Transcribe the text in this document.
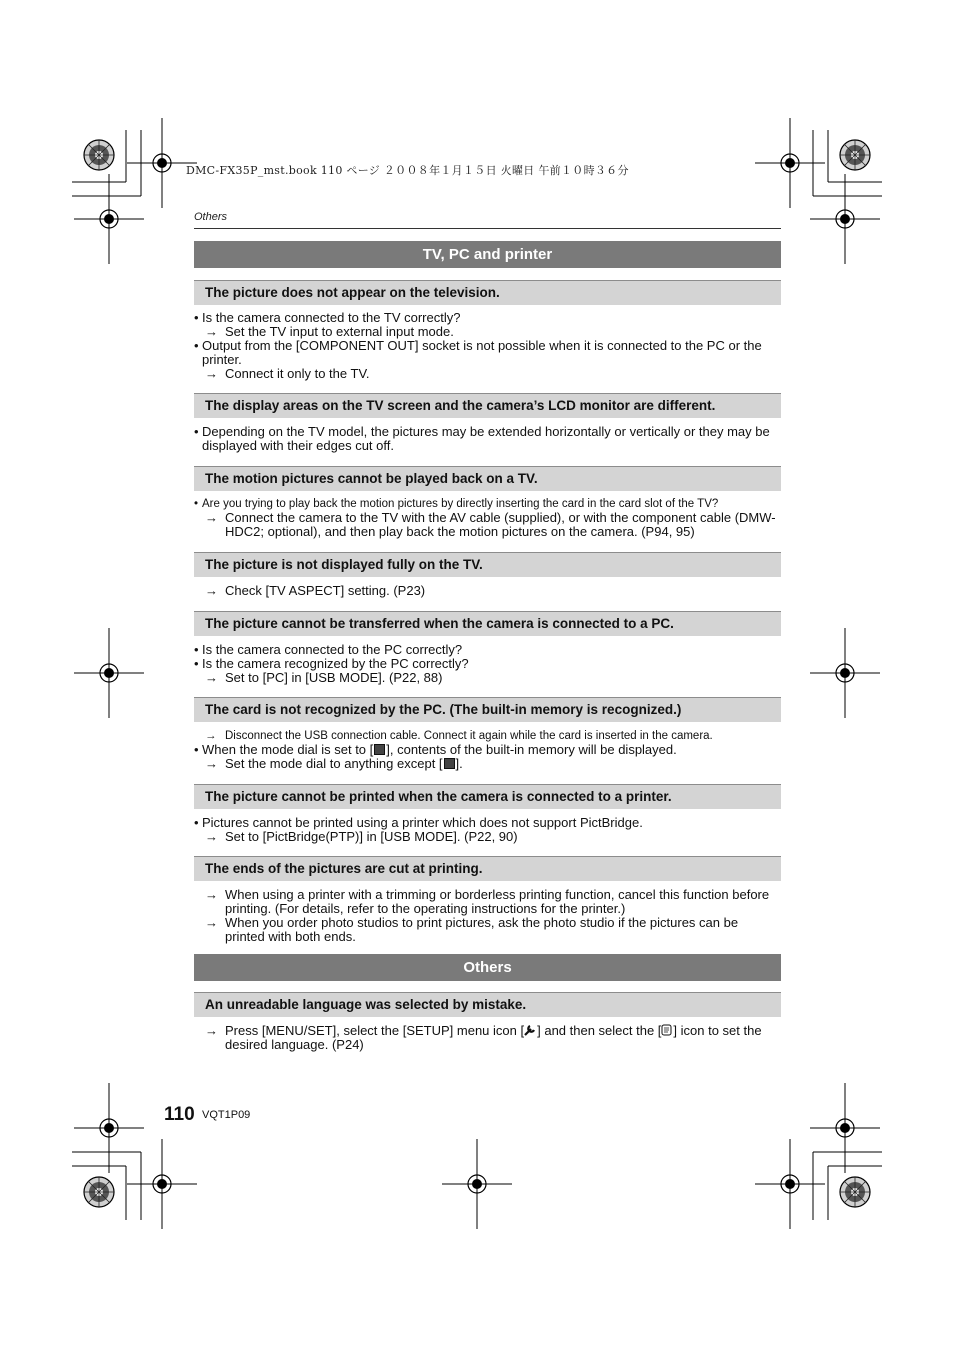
DMC-FX35P_mst.book 110 ページ ２００８年１月１５日 火曜日 午前１０時３６分
Others
TV, PC and printer
The picture does not appear on the television.
• Is the camera connected to the TV correctly?
→ Set the TV input to external input mode.
• Output from the [COMPONENT OUT] socket is not possible when it is connected to the PC or the printer.
→ Connect it only to the TV.
The display areas on the TV screen and the camera’s LCD monitor are different.
• Depending on the TV model, the pictures may be extended horizontally or vertically or they may be displayed with their edges cut off.
The motion pictures cannot be played back on a TV.
• Are you trying to play back the motion pictures by directly inserting the card in the card slot of the TV?
→ Connect the camera to the TV with the AV cable (supplied), or with the component cable (DMW-HDC2; optional), and then play back the motion pictures on the camera. (P94, 95)
The picture is not displayed fully on the TV.
→ Check [TV ASPECT] setting. (P23)
The picture cannot be transferred when the camera is connected to a PC.
• Is the camera connected to the PC correctly?
• Is the camera recognized by the PC correctly?
→ Set to [PC] in [USB MODE]. (P22, 88)
The card is not recognized by the PC. (The built-in memory is recognized.)
→ Disconnect the USB connection cable. Connect it again while the card is inserted in the camera.
• When the mode dial is set to [ ], contents of the built-in memory will be displayed.
→ Set the mode dial to anything except [ ].
The picture cannot be printed when the camera is connected to a printer.
• Pictures cannot be printed using a printer which does not support PictBridge.
→ Set to [PictBridge(PTP)] in [USB MODE]. (P22, 90)
The ends of the pictures are cut at printing.
→ When using a printer with a trimming or borderless printing function, cancel this function before printing. (For details, refer to the operating instructions for the printer.)
→ When you order photo studios to print pictures, ask the photo studio if the pictures can be printed with both ends.
Others
An unreadable language was selected by mistake.
→ Press [MENU/SET], select the [SETUP] menu icon [ ] and then select the [ ] icon to set the desired language. (P24)
110 VQT1P09
